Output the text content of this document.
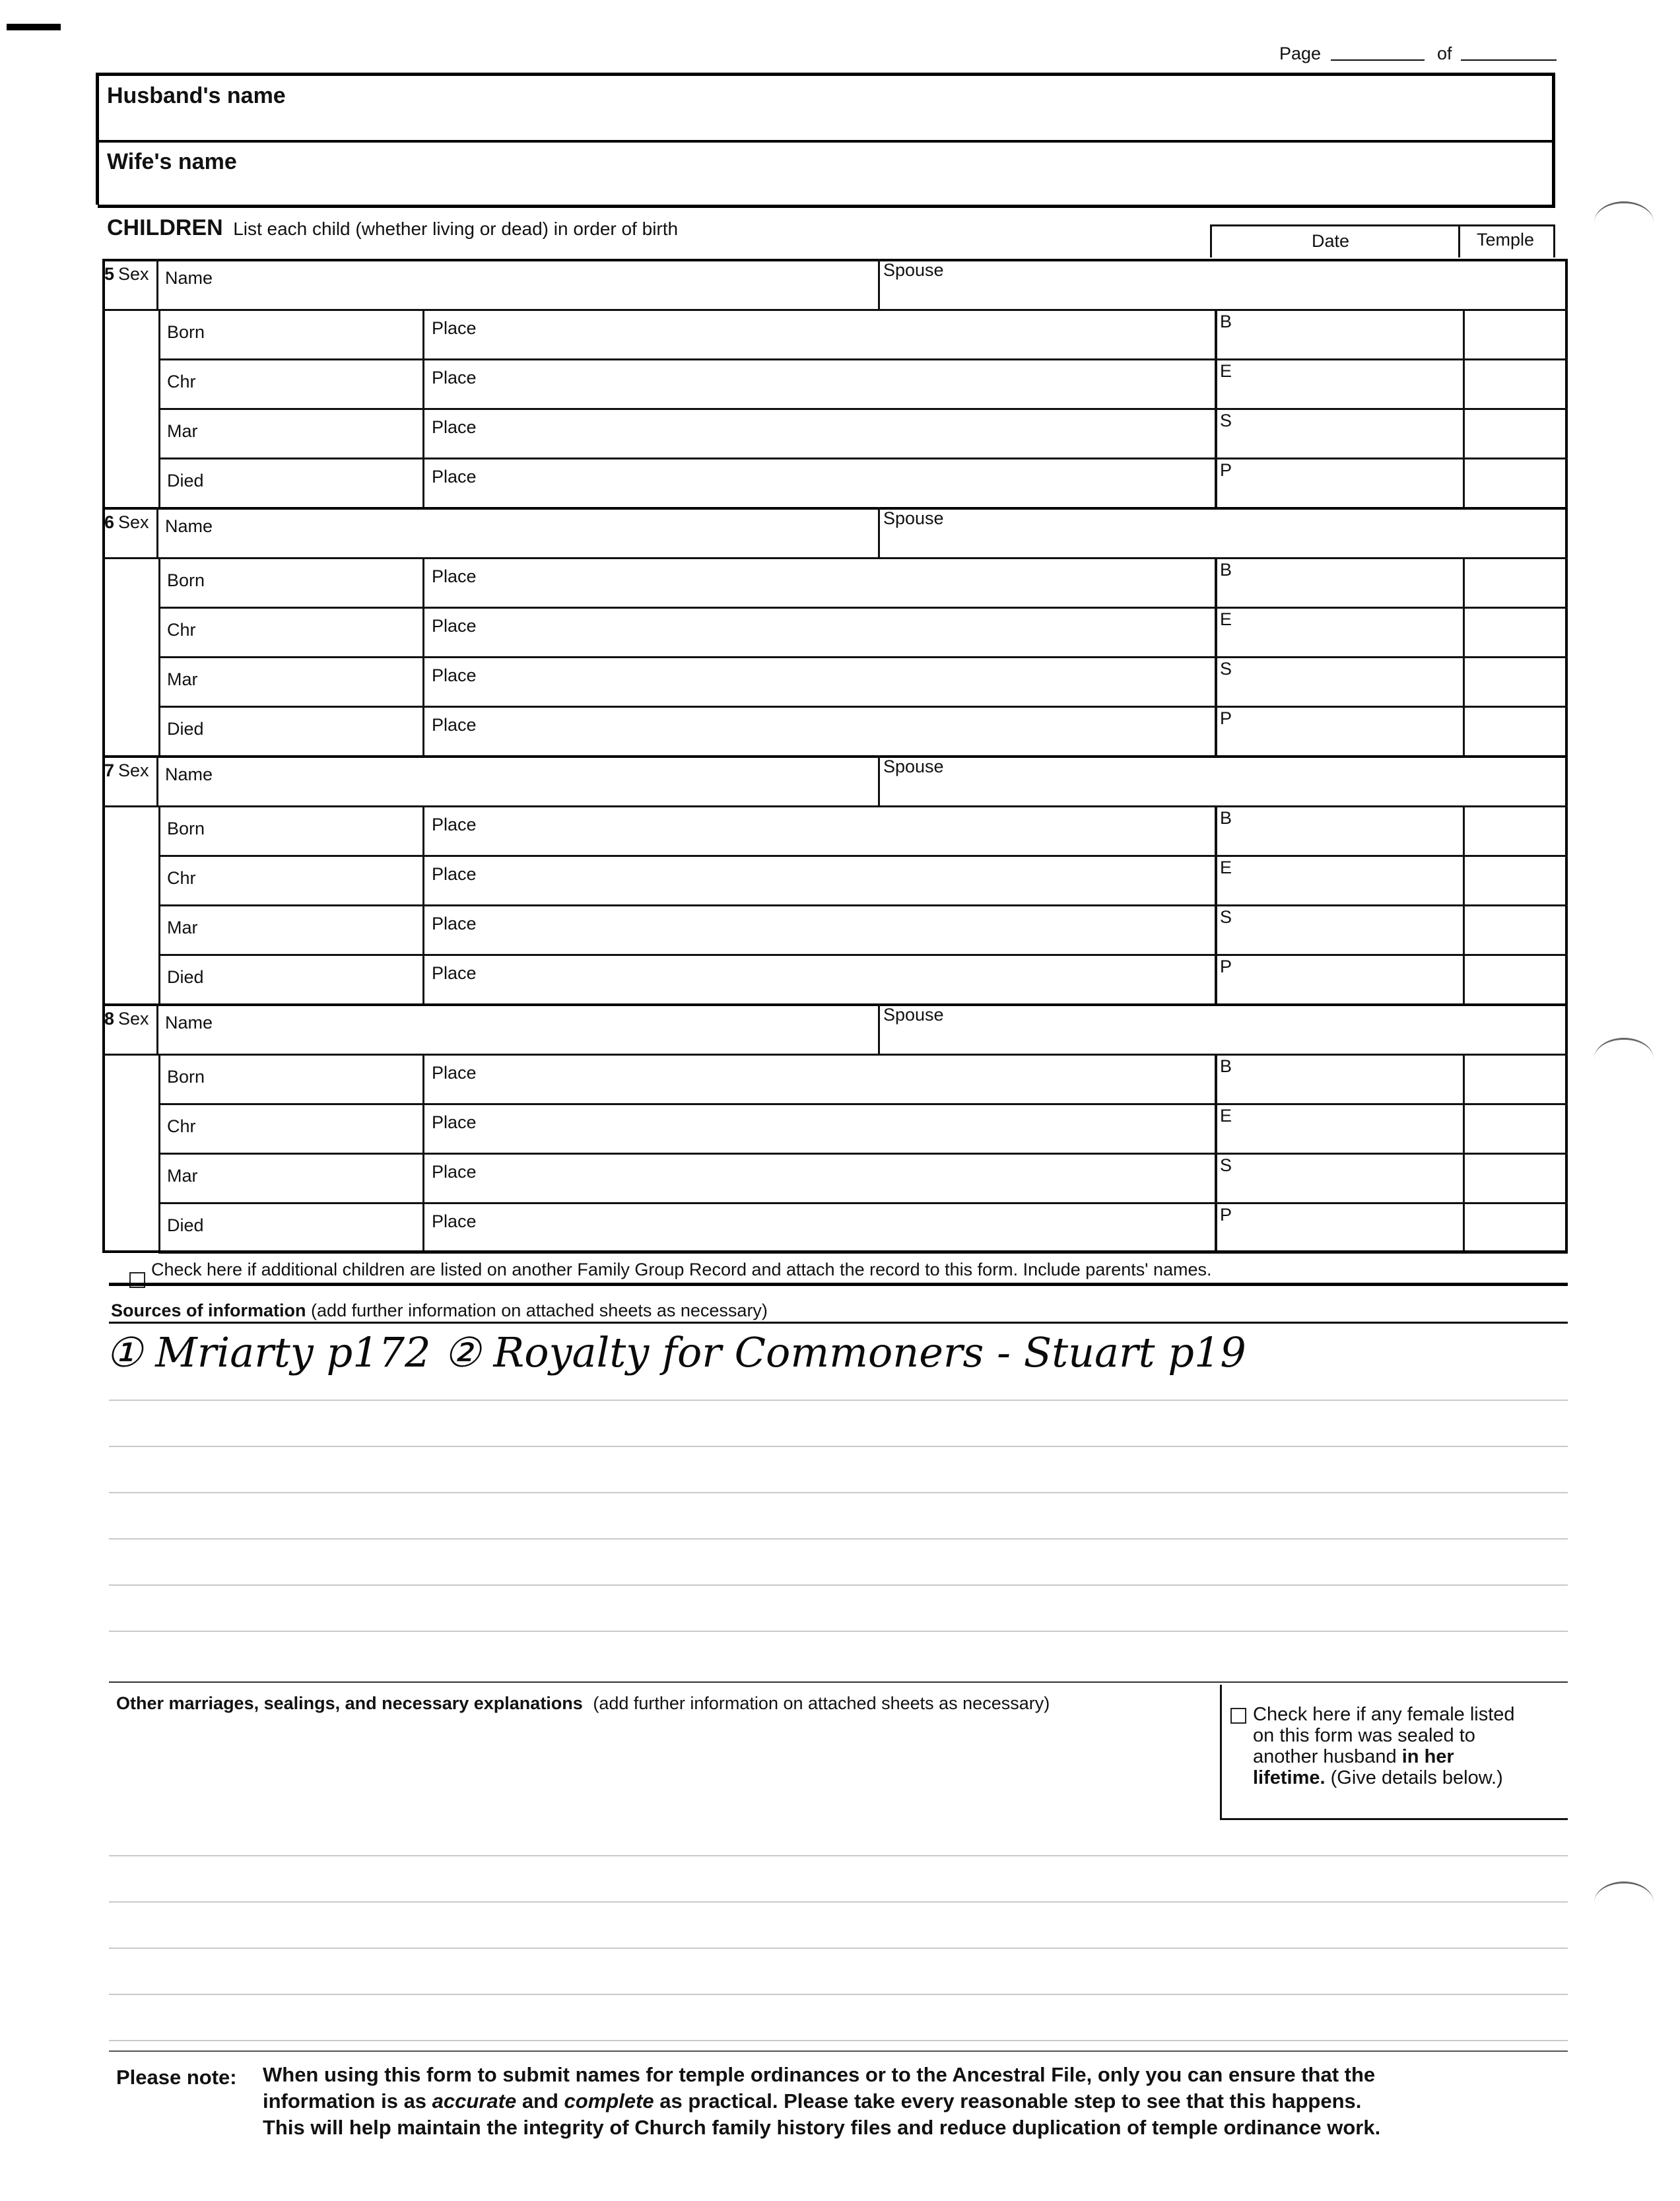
Page	of
Husband's name
Wife's name
CHILDREN List each child (whether living or dead) in order of birth
Date	Temple
5 Sex Name	Spouse
Born	Place	B
Chr	Place	E
Mar	Place	S
Died	Place	P
6 Sex Name	Spouse
Born	Place	B
Chr	Place	E
Mar	Place	S
Died	Place	P
7 Sex Name	Spouse
Born	Place	B
Chr	Place	E
Mar	Place	S
Died	Place	P
8 Sex Name	Spouse
Born	Place	B
Chr	Place	E
Mar	Place	S
Died	Place	P
Check here if additional children are listed on another Family Group Record and attach the record to this form. Include parents' names.
Sources of information (add further information on attached sheets as necessary)
① Mriarty p172 ② Royalty for Commoners - Stuart p19
Other marriages, sealings, and necessary explanations (add further information on attached sheets as necessary)
Check here if any female listed
on this form was sealed to
another husband in her
lifetime. (Give details below.)
Please note: When using this form to submit names for temple ordinances or to the Ancestral File, only you can ensure that the
information is as accurate and complete as practical. Please take every reasonable step to see that this happens.
This will help maintain the integrity of Church family history files and reduce duplication of temple ordinance work.
